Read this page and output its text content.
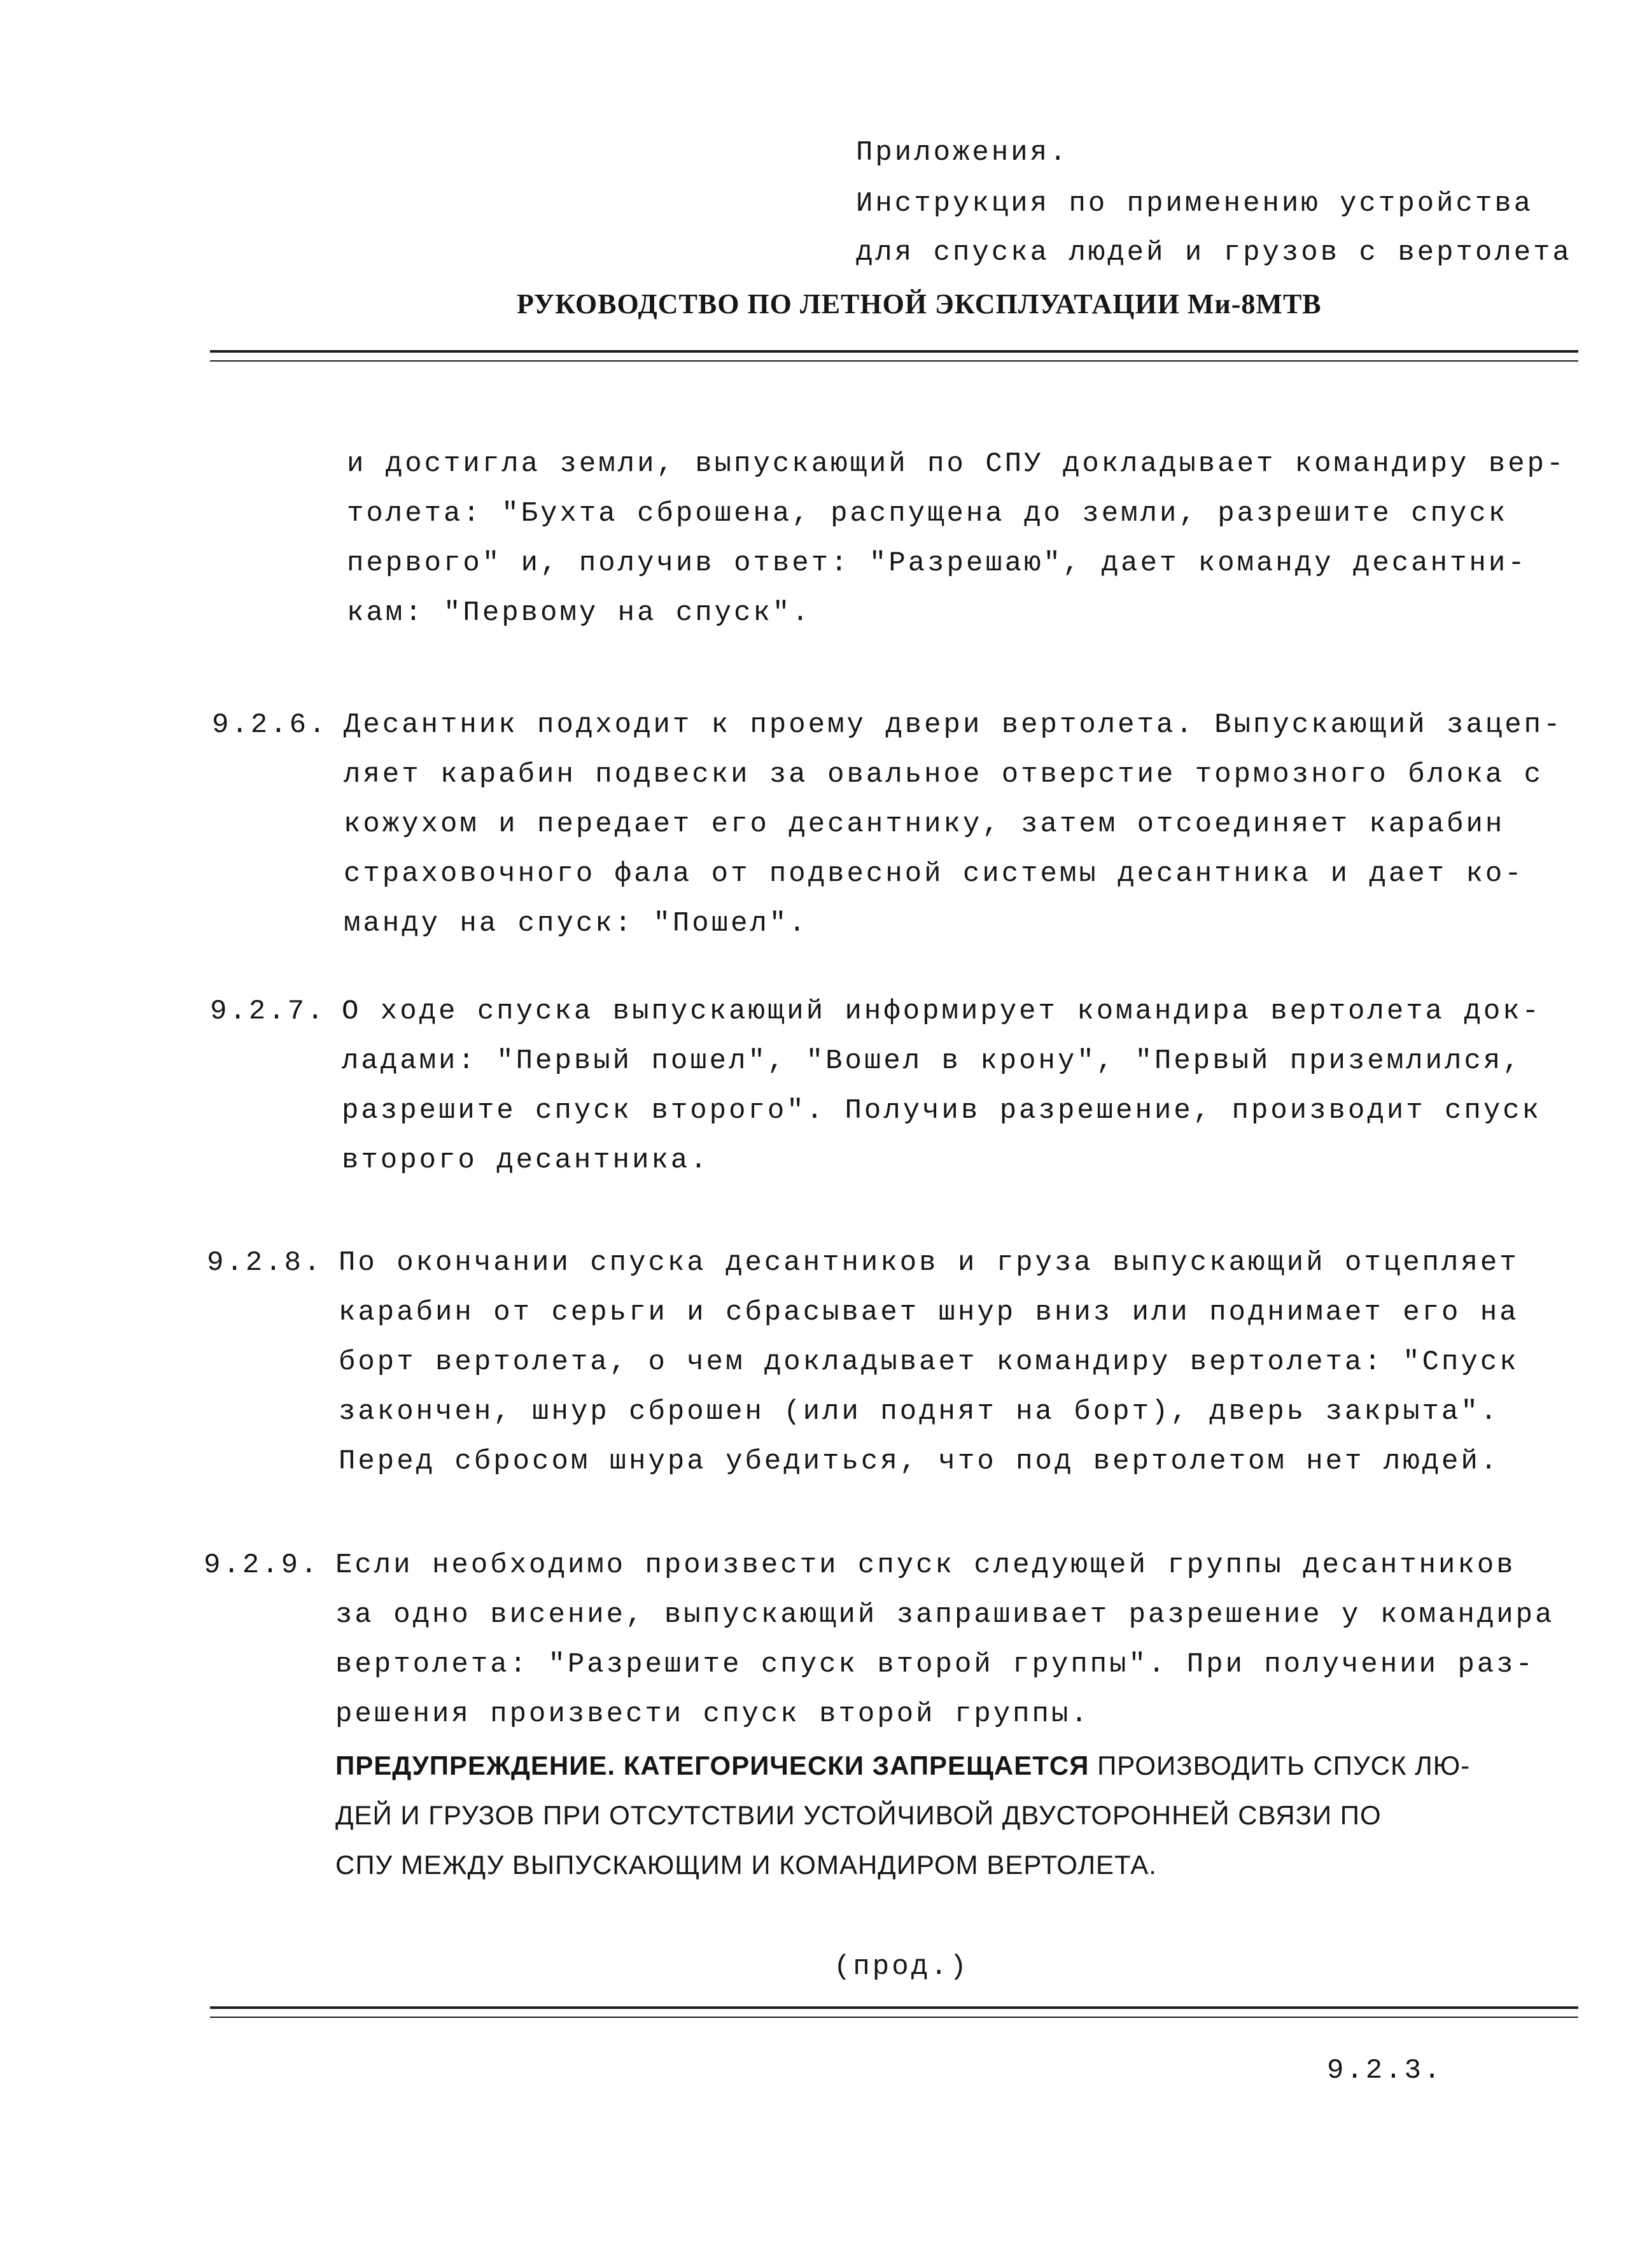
Приложения.
Инструкция по применению устройства
для спуска людей и грузов с вертолета
РУКОВОДСТВО ПО ЛЕТНОЙ ЭКСПЛУАТАЦИИ Ми-8МТВ
и достигла земли, выпускающий по СПУ докладывает командиру вер-
толета: "Бухта сброшена, распущена до земли, разрешите спуск
первого" и, получив ответ: "Разрешаю", дает команду десантни-
кам: "Первому на спуск".
9.2.6. Десантник подходит к проему двери вертолета. Выпускающий зацеп-
ляет карабин подвески за овальное отверстие тормозного блока с
кожухом и передает его десантнику, затем отсоединяет карабин
страховочного фала от подвесной системы десантника и дает ко-
манду на спуск: "Пошел".
9.2.7. О ходе спуска выпускающий информирует командира вертолета док-
ладами: "Первый пошел", "Вошел в крону", "Первый приземлился,
разрешите спуск второго". Получив разрешение, производит спуск
второго десантника.
9.2.8. По окончании спуска десантников и груза выпускающий отцепляет
карабин от серьги и сбрасывает шнур вниз или поднимает его на
борт вертолета, о чем докладывает командиру вертолета: "Спуск
закончен, шнур сброшен (или поднят на борт), дверь закрыта".
Перед сбросом шнура убедиться, что под вертолетом нет людей.
9.2.9. Если необходимо произвести спуск следующей группы десантников
за одно висение, выпускающий запрашивает разрешение у командира
вертолета: "Разрешите спуск второй группы". При получении раз-
решения произвести спуск второй группы.
ПРЕДУПРЕЖДЕНИЕ. КАТЕГОРИЧЕСКИ ЗАПРЕЩАЕТСЯ ПРОИЗВОДИТЬ СПУСК ЛЮ-
ДЕЙ И ГРУЗОВ ПРИ ОТСУТСТВИИ УСТОЙЧИВОЙ ДВУСТОРОННЕЙ СВЯЗИ ПО
СПУ МЕЖДУ ВЫПУСКАЮЩИМ И КОМАНДИРОМ ВЕРТОЛЕТА.
(прод.)
9.2.3.
